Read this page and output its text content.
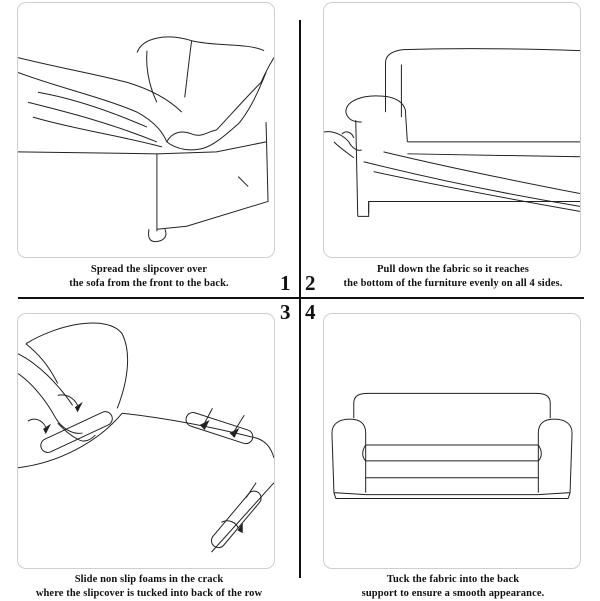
1 2
3 4
Spread the slipcover over
the sofa from the front to the back.
Pull down the fabric so it reaches
the bottom of the furniture evenly on all 4 sides.
Slide non slip foams in the crack
where the slipcover is tucked into back of the row
Tuck the fabric into the back
support to ensure a smooth appearance.
